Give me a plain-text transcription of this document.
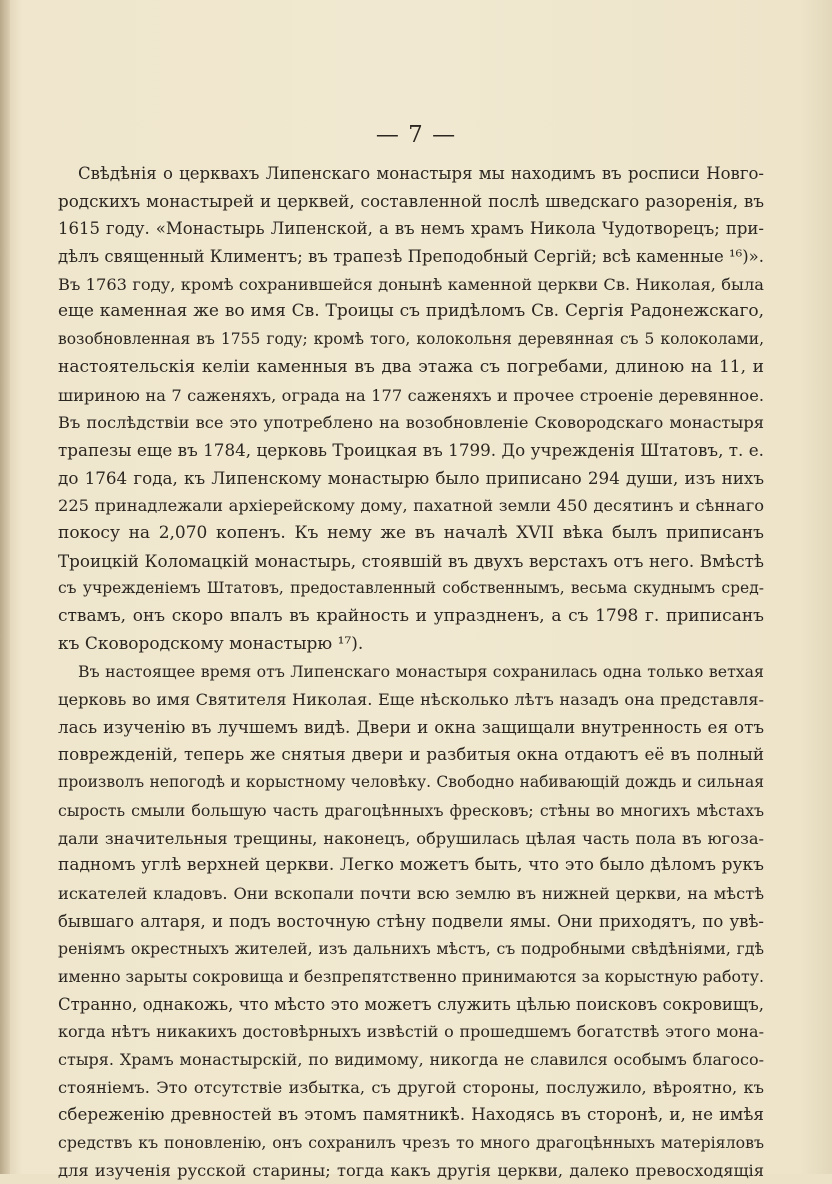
— 7 —
Свѣдѣнія о церквахъ Липенскаго монастыря мы находимъ въ росписи Новго-
родскихъ монастырей и церквей, составленной послѣ шведскаго разоренія, въ
1615 году. «Монастырь Липенской, а въ немъ храмъ Никола Чудотворецъ; при-
дѣлъ священный Климентъ; въ трапезѣ Преподобный Сергій; всѣ каменные ¹⁶)».
Въ 1763 году, кромѣ сохранившейся донынѣ каменной церкви Св. Николая, была
еще каменная же во имя Св. Троицы съ придѣломъ Св. Сергія Радонежскаго,
возобновленная въ 1755 году; кромѣ того, колокольня деревянная съ 5 колоколами,
настоятельскія келіи каменныя въ два этажа съ погребами, длиною на 11, и
шириною на 7 саженяхъ, ограда на 177 саженяхъ и прочее строеніе деревянное.
Въ послѣдствіи все это употреблено на возобновленіе Сковородскаго монастыря
трапезы еще въ 1784, церковь Троицкая въ 1799. До учрежденія Штатовъ, т. е.
до 1764 года, къ Липенскому монастырю было приписано 294 души, изъ нихъ
225 принадлежали архіерейскому дому, пахатной земли 450 десятинъ и сѣннаго
покосу на 2,070 копенъ. Къ нему же въ началѣ XVII вѣка былъ приписанъ
Троицкій Коломацкій монастырь, стоявшій въ двухъ верстахъ отъ него. Вмѣстѣ
съ учрежденіемъ Штатовъ, предоставленный собственнымъ, весьма скуднымъ сред-
ствамъ, онъ скоро впалъ въ крайность и упраздненъ, а съ 1798 г. приписанъ
къ Сковородскому монастырю ¹⁷).
Въ настоящее время отъ Липенскаго монастыря сохранилась одна только ветхая
церковь во имя Святителя Николая. Еще нѣсколько лѣтъ назадъ она представля-
лась изученію въ лучшемъ видѣ. Двери и окна защищали внутренность ея отъ
поврежденій, теперь же снятыя двери и разбитыя окна отдаютъ её въ полный
произволъ непогодѣ и корыстному человѣку. Свободно набивающій дождь и сильная
сырость смыли большую часть драгоцѣнныхъ фресковъ; стѣны во многихъ мѣстахъ
дали значительныя трещины, наконецъ, обрушилась цѣлая часть пола въ югоза-
падномъ углѣ верхней церкви. Легко можетъ быть, что это было дѣломъ рукъ
искателей кладовъ. Они вскопали почти всю землю въ нижней церкви, на мѣстѣ
бывшаго алтаря, и подъ восточную стѣну подвели ямы. Они приходятъ, по увѣ-
реніямъ окрестныхъ жителей, изъ дальнихъ мѣстъ, съ подробными свѣдѣніями, гдѣ
именно зарыты сокровища и безпрепятственно принимаются за корыстную работу.
Странно, однакожь, что мѣсто это можетъ служить цѣлью поисковъ сокровищъ,
когда нѣтъ никакихъ достовѣрныхъ извѣстій о прошедшемъ богатствѣ этого мона-
стыря. Храмъ монастырскій, по видимому, никогда не славился особымъ благосо-
стояніемъ. Это отсутствіе избытка, съ другой стороны, послужило, вѣроятно, къ
сбереженію древностей въ этомъ памятникѣ. Находясь въ сторонѣ, и, не имѣя
средствъ къ поновленію, онъ сохранилъ чрезъ то много драгоцѣнныхъ матеріяловъ
для изученія русской старины; тогда какъ другія церкви, далеко превосходящія
